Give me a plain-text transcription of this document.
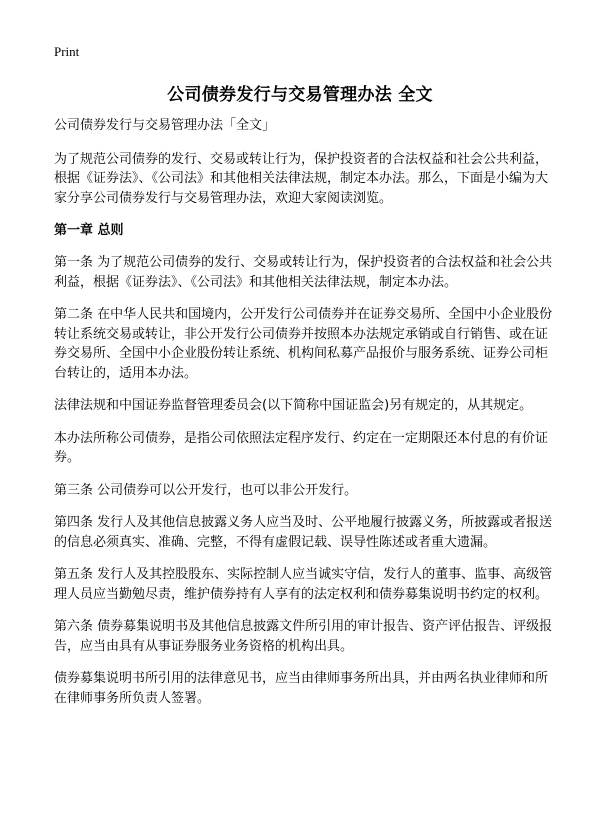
Print
公司债券发行与交易管理办法 全文

公司债券发行与交易管理办法「全文」

为了规范公司债券的发行、交易或转让行为，保护投资者的合法权益和社会公共利益，根据《证券法》、《公司法》和其他相关法律法规，制定本办法。那么，下面是小编为大家分享公司债券发行与交易管理办法，欢迎大家阅读浏览。

第一章 总则

第一条 为了规范公司债券的发行、交易或转让行为，保护投资者的合法权益和社会公共利益，根据《证券法》、《公司法》和其他相关法律法规，制定本办法。

第二条 在中华人民共和国境内，公开发行公司债券并在证券交易所、全国中小企业股份转让系统交易或转让，非公开发行公司债券并按照本办法规定承销或自行销售、或在证券交易所、全国中小企业股份转让系统、机构间私募产品报价与服务系统、证券公司柜台转让的，适用本办法。

法律法规和中国证券监督管理委员会(以下简称中国证监会)另有规定的，从其规定。

本办法所称公司债券，是指公司依照法定程序发行、约定在一定期限还本付息的有价证券。

第三条 公司债券可以公开发行，也可以非公开发行。

第四条 发行人及其他信息披露义务人应当及时、公平地履行披露义务，所披露或者报送的信息必须真实、准确、完整，不得有虚假记载、误导性陈述或者重大遗漏。

第五条 发行人及其控股股东、实际控制人应当诚实守信，发行人的董事、监事、高级管理人员应当勤勉尽责，维护债券持有人享有的法定权利和债券募集说明书约定的权利。

第六条 债券募集说明书及其他信息披露文件所引用的审计报告、资产评估报告、评级报告，应当由具有从事证券服务业务资格的机构出具。

债券募集说明书所引用的法律意见书，应当由律师事务所出具，并由两名执业律师和所在律师事务所负责人签署。
